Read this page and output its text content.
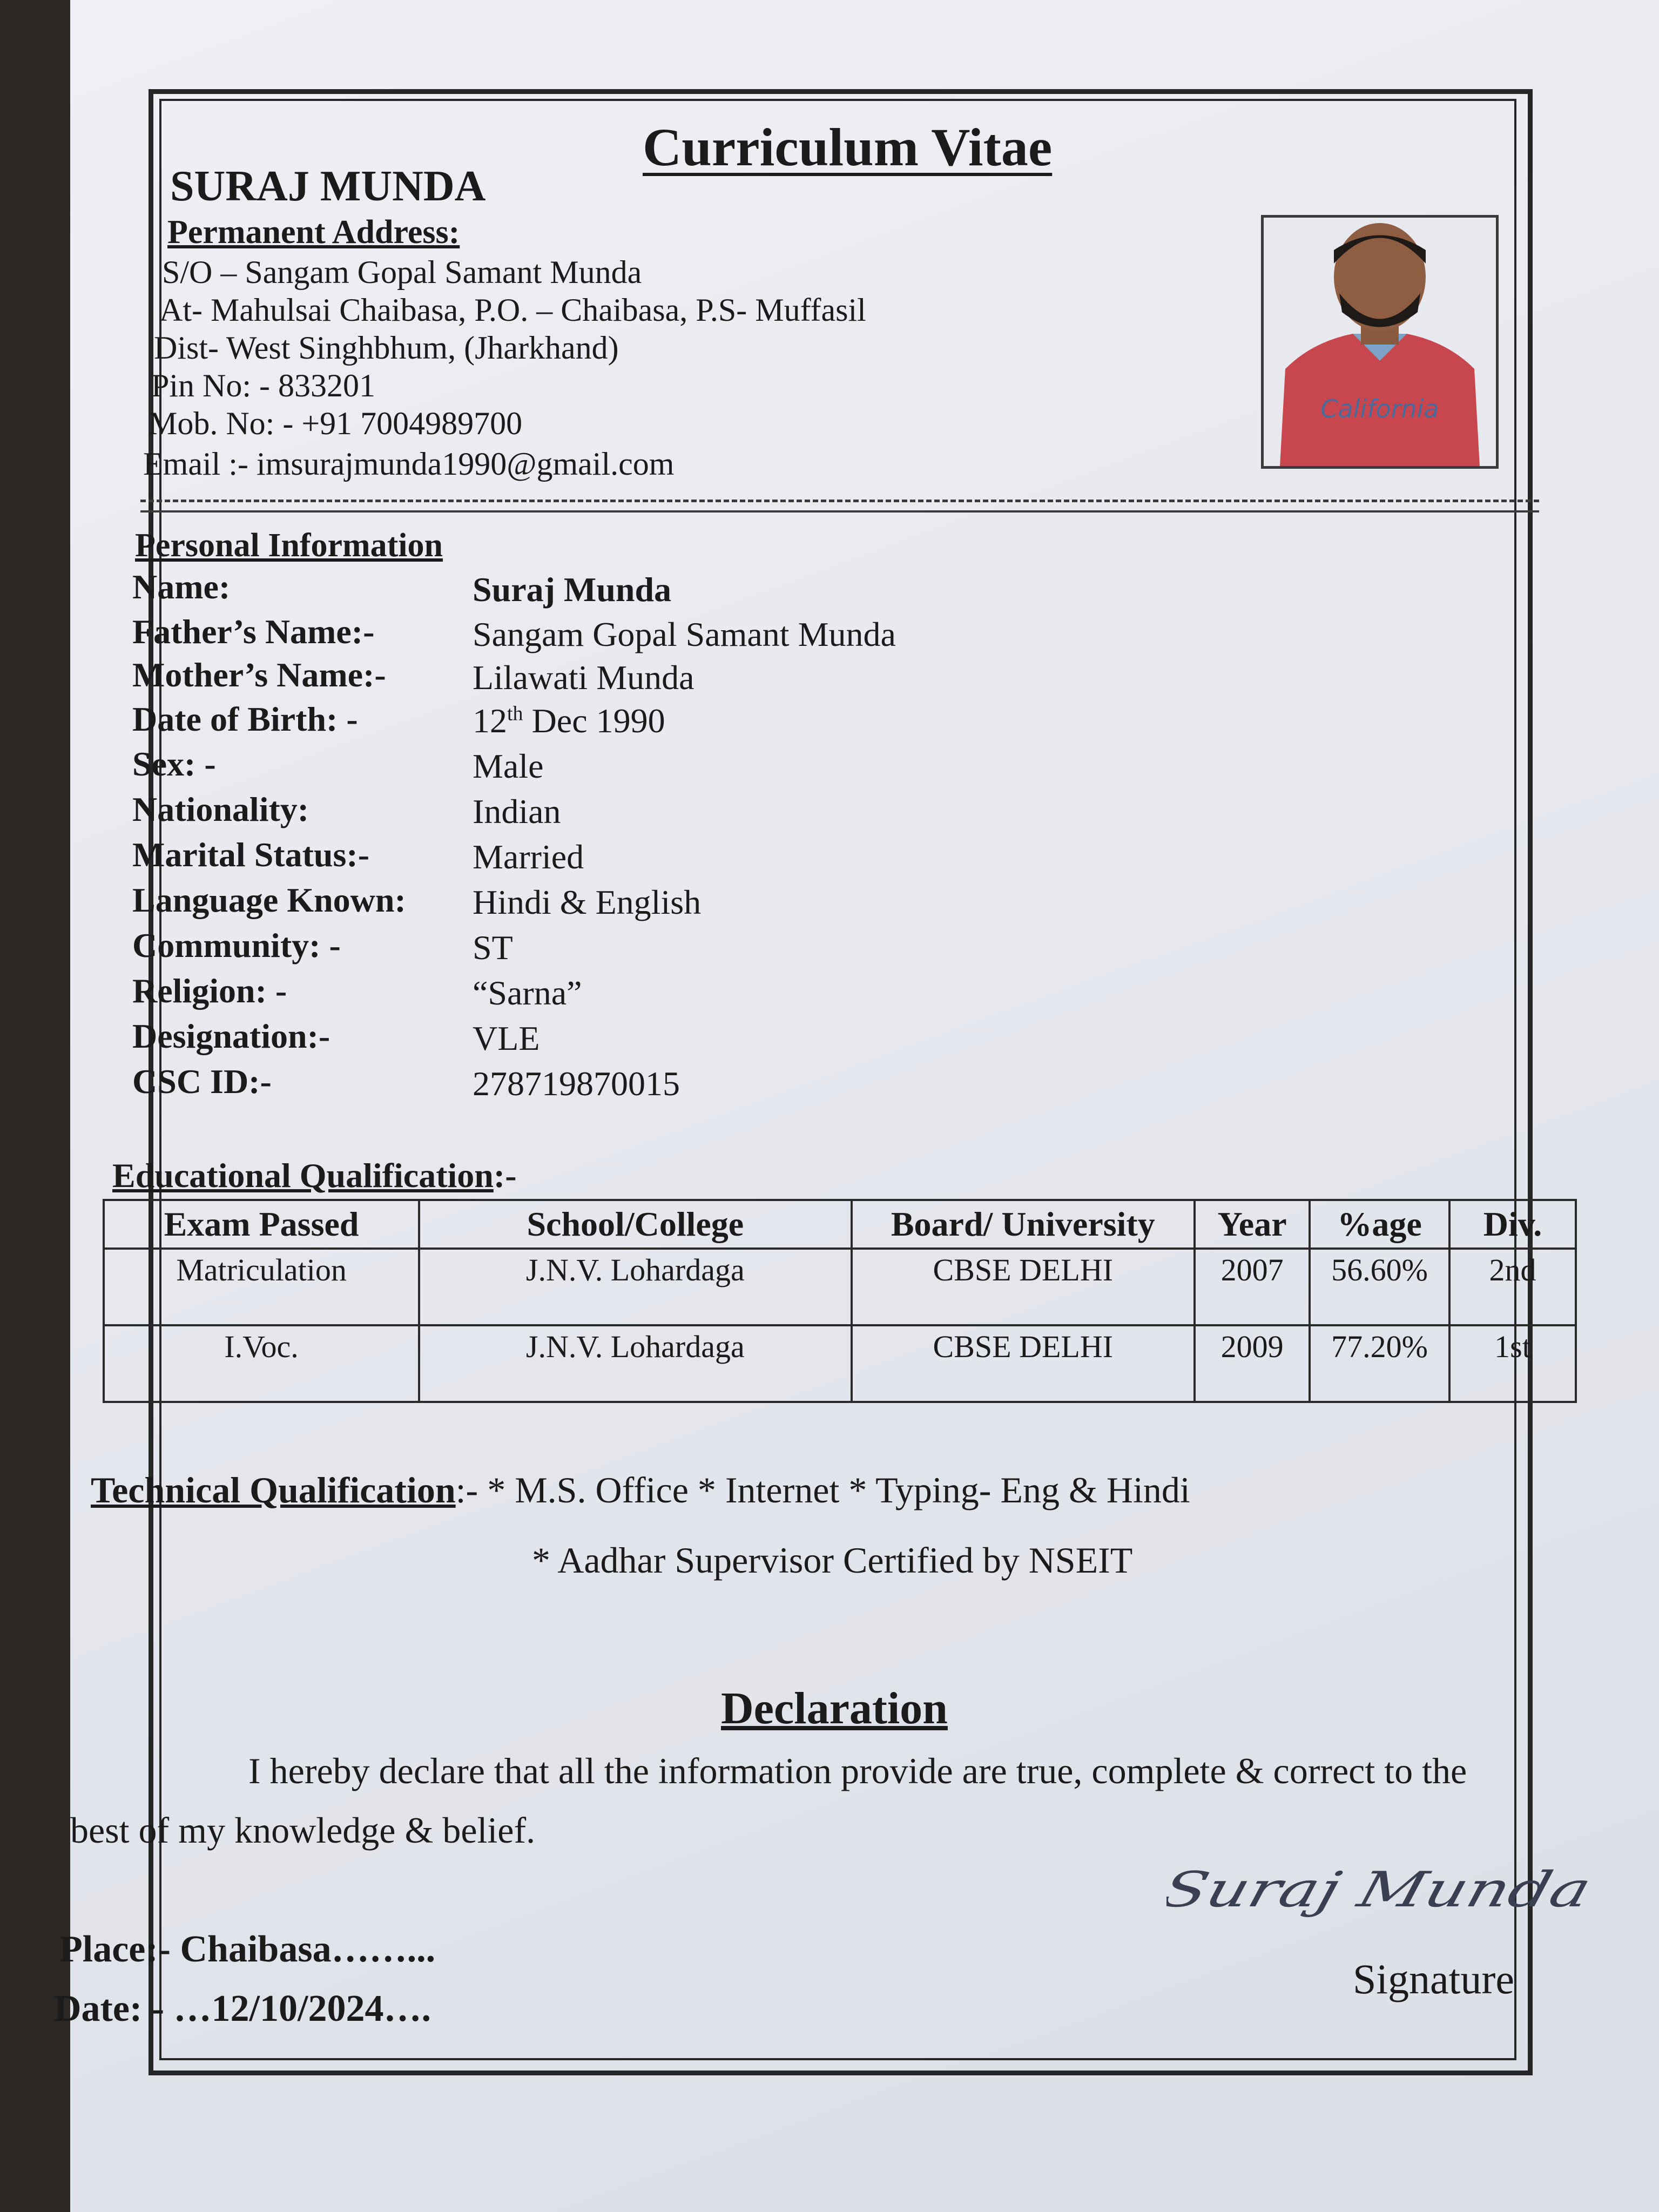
Curriculum Vitae
SURAJ MUNDA
Permanent Address:
S/O – Sangam Gopal Samant Munda
At- Mahulsai Chaibasa, P.O. – Chaibasa, P.S- Muffasil
Dist- West Singhbhum, (Jharkhand)
Pin No: - 833201
Mob. No: - +91 7004989700
Email :- imsurajmunda1990@gmail.com
California
Personal Information
Name:	Suraj Munda
Father’s Name:-	Sangam Gopal Samant Munda
Mother’s Name:-	Lilawati Munda
Date of Birth: -	12th Dec 1990
Sex: -	Male
Nationality:	Indian
Marital Status:-	Married
Language Known: Hindi & English
Community: -	ST
Religion: -	“Sarna”
Designation:-	VLE
CSC ID:-	278719870015
Educational Qualification:-
Exam Passed	School/College	Board/ University	Year	%age	Div.
Matriculation	J.N.V. Lohardaga	CBSE DELHI	2007	56.60%	2nd
I.Voc.	J.N.V. Lohardaga	CBSE DELHI	2009	77.20%	1st
Technical Qualification:- * M.S. Office * Internet * Typing- Eng & Hindi
* Aadhar Supervisor Certified by NSEIT
Declaration
I hereby declare that all the information provide are true, complete & correct to the
best of my knowledge & belief.
Place:- Chaibasa……...
Date: - …12/10/2024….
Suraj Munda
Signature
